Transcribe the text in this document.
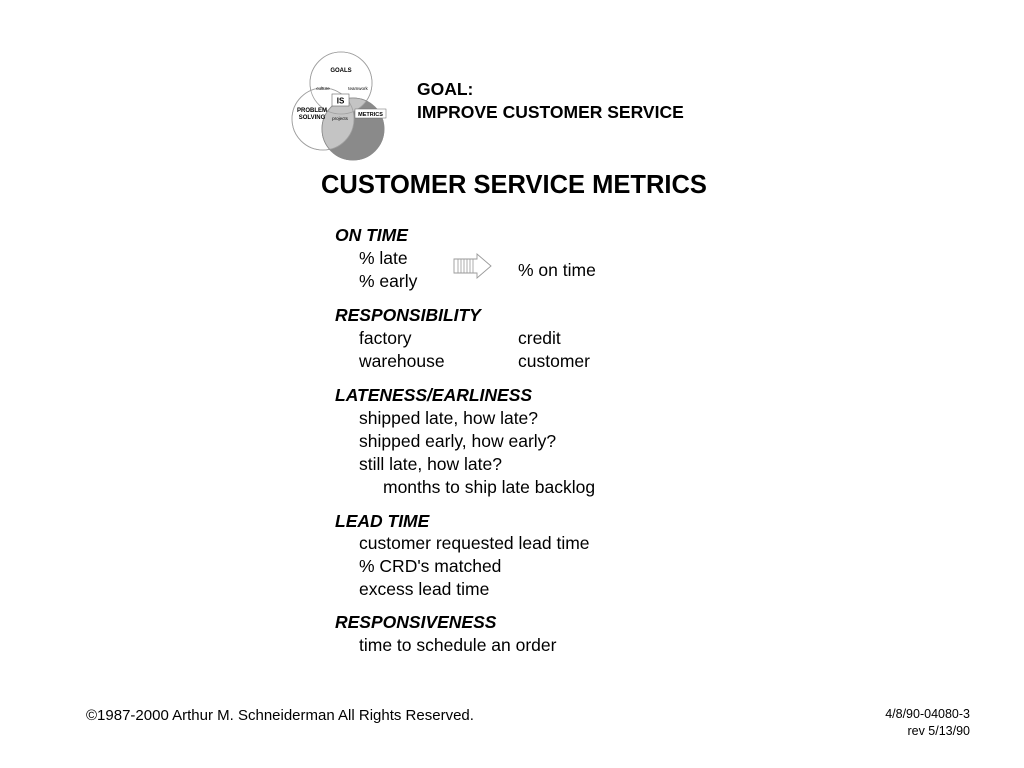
GOALS
culture	teamwork
IS
PROBLEM
SOLVING projects
METRICS
GOAL:
IMPROVE CUSTOMER SERVICE
CUSTOMER SERVICE METRICS
ON TIME
% late
% early
% on time
RESPONSIBILITY
factory
warehouse
credit
customer
LATENESS/EARLINESS
shipped late, how late?
shipped early, how early?
still late, how late?
months to ship late backlog
LEAD TIME
customer requested lead time
% CRD's matched
excess lead time
RESPONSIVENESS
time to schedule an order
©1987-2000 Arthur M. Schneiderman All Rights Reserved.	4/8/90-04080-3
rev 5/13/90
